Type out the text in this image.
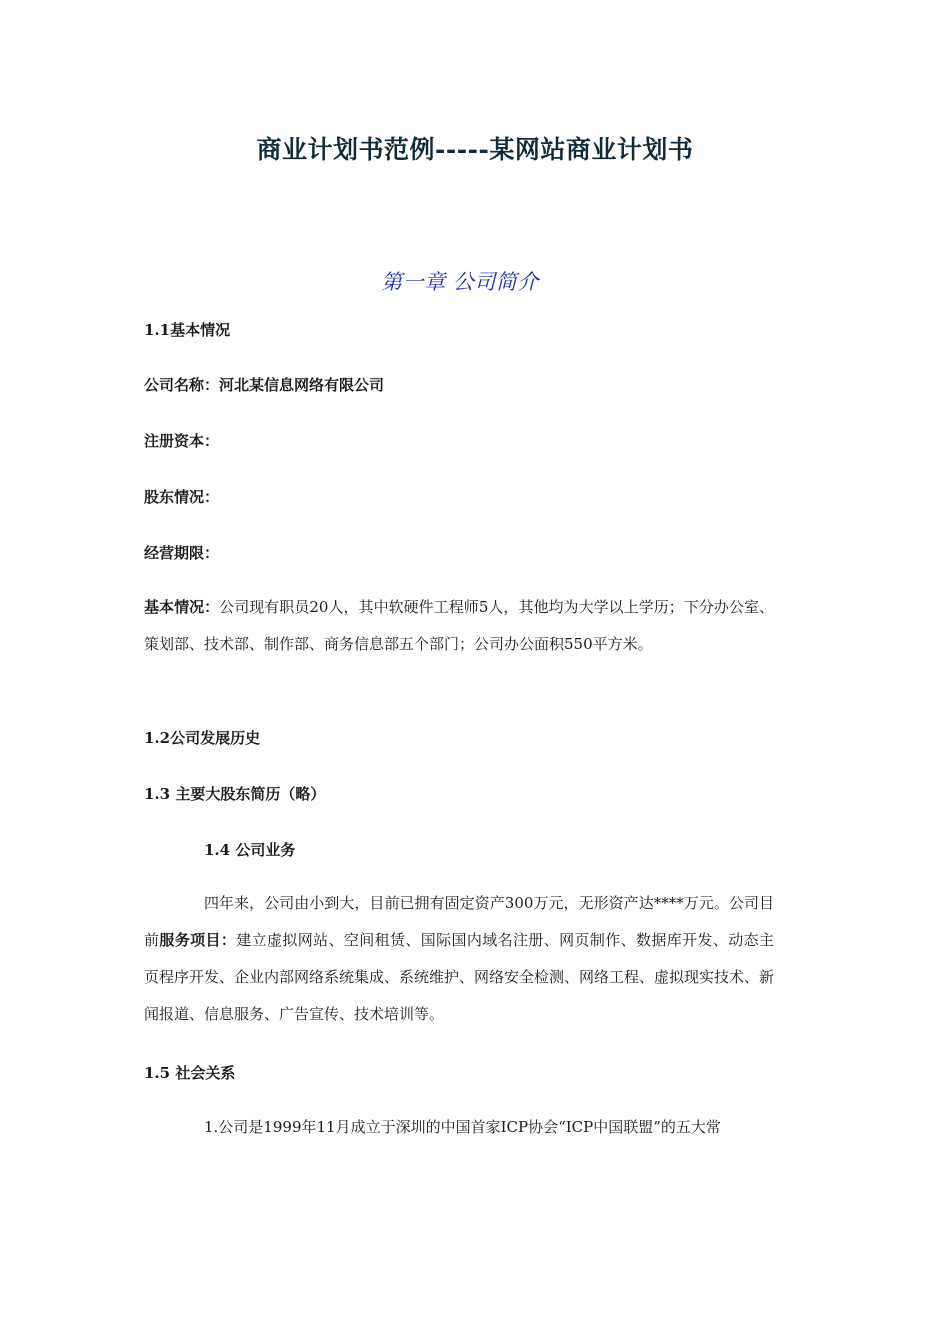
商业计划书范例-----某网站商业计划书
第一章 公司简介
1.1基本情况
公司名称：河北某信息网络有限公司
注册资本：
股东情况：
经营期限：
基本情况：公司现有职员20人，其中软硬件工程师5人，其他均为大学以上学历；下分办公室、策划部、技术部、制作部、商务信息部五个部门；公司办公面积550平方米。
1.2公司发展历史
1.3 主要大股东简历（略）
1.4 公司业务
四年来，公司由小到大，目前已拥有固定资产300万元，无形资产达****万元。公司目前服务项目：建立虚拟网站、空间租赁、国际国内域名注册、网页制作、数据库开发、动态主页程序开发、企业内部网络系统集成、系统维护、网络安全检测、网络工程、虚拟现实技术、新闻报道、信息服务、广告宣传、技术培训等。
1.5 社会关系
1.公司是1999年11月成立于深圳的中国首家ICP协会“ICP中国联盟”的五大常
